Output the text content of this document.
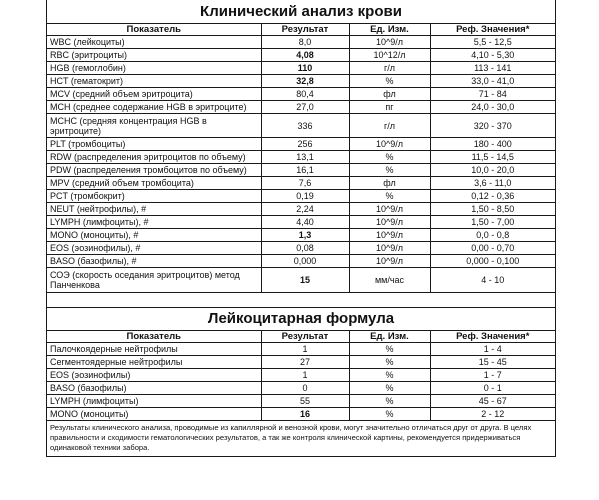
Клинический анализ крови
Показатель	Результат	Ед. Изм.	Реф. Значения*
WBC (лейкоциты)	8,0	10^9/л	5,5 - 12,5
RBC (эритроциты)	4,08	10^12/л	4,10 - 5,30
HGB (гемоглобин)	110	г/л	113 - 141
HCT (гематокрит)	32,8	%	33,0 - 41,0
MCV (средний объем эритроцита)	80,4	фл	71 - 84
MCH (среднее содержание HGB в эритроците)	27,0	пг	24,0 - 30,0
MCHC (средняя концентрация HGB в эритроците)	336	г/л	320 - 370
PLT (тромбоциты)	256	10^9/л	180 - 400
RDW (распределения эритроцитов по объему)	13,1	%	11,5 - 14,5
PDW (распределения тромбоцитов по объему)	16,1	%	10,0 - 20,0
MPV (средний объем тромбоцита)	7,6	фл	3,6 - 11,0
PCT (тромбокрит)	0,19	%	0,12 - 0,36
NEUT (нейтрофилы), #	2,24	10^9/л	1,50 - 8,50
LYMPH (лимфоциты), #	4,40	10^9/л	1,50 - 7,00
MONO (моноциты), #	1,3	10^9/л	0,0 - 0,8
EOS (эозинофилы), #	0,08	10^9/л	0,00 - 0,70
BASO (базофилы), #	0,000	10^9/л	0,000 - 0,100
СОЭ (скорость оседания эритроцитов) метод Панченкова	15	мм/час	4 - 10
Лейкоцитарная формула
Показатель	Результат	Ед. Изм.	Реф. Значения*
Палочкоядерные нейтрофилы	1	%	1 - 4
Сегментоядерные нейтрофилы	27	%	15 - 45
EOS (эозинофилы)	1	%	1 - 7
BASO (базофилы)	0	%	0 - 1
LYMPH (лимфоциты)	55	%	45 - 67
MONO (моноциты)	16	%	2 - 12
Результаты клинического анализа, проводимые из капиллярной и венозной крови, могут значительно отличаться друг от друга. В целях правильности и сходимости гематологических результатов, а так же контроля клинической картины, рекомендуется придерживаться одинаковой техники забора.
